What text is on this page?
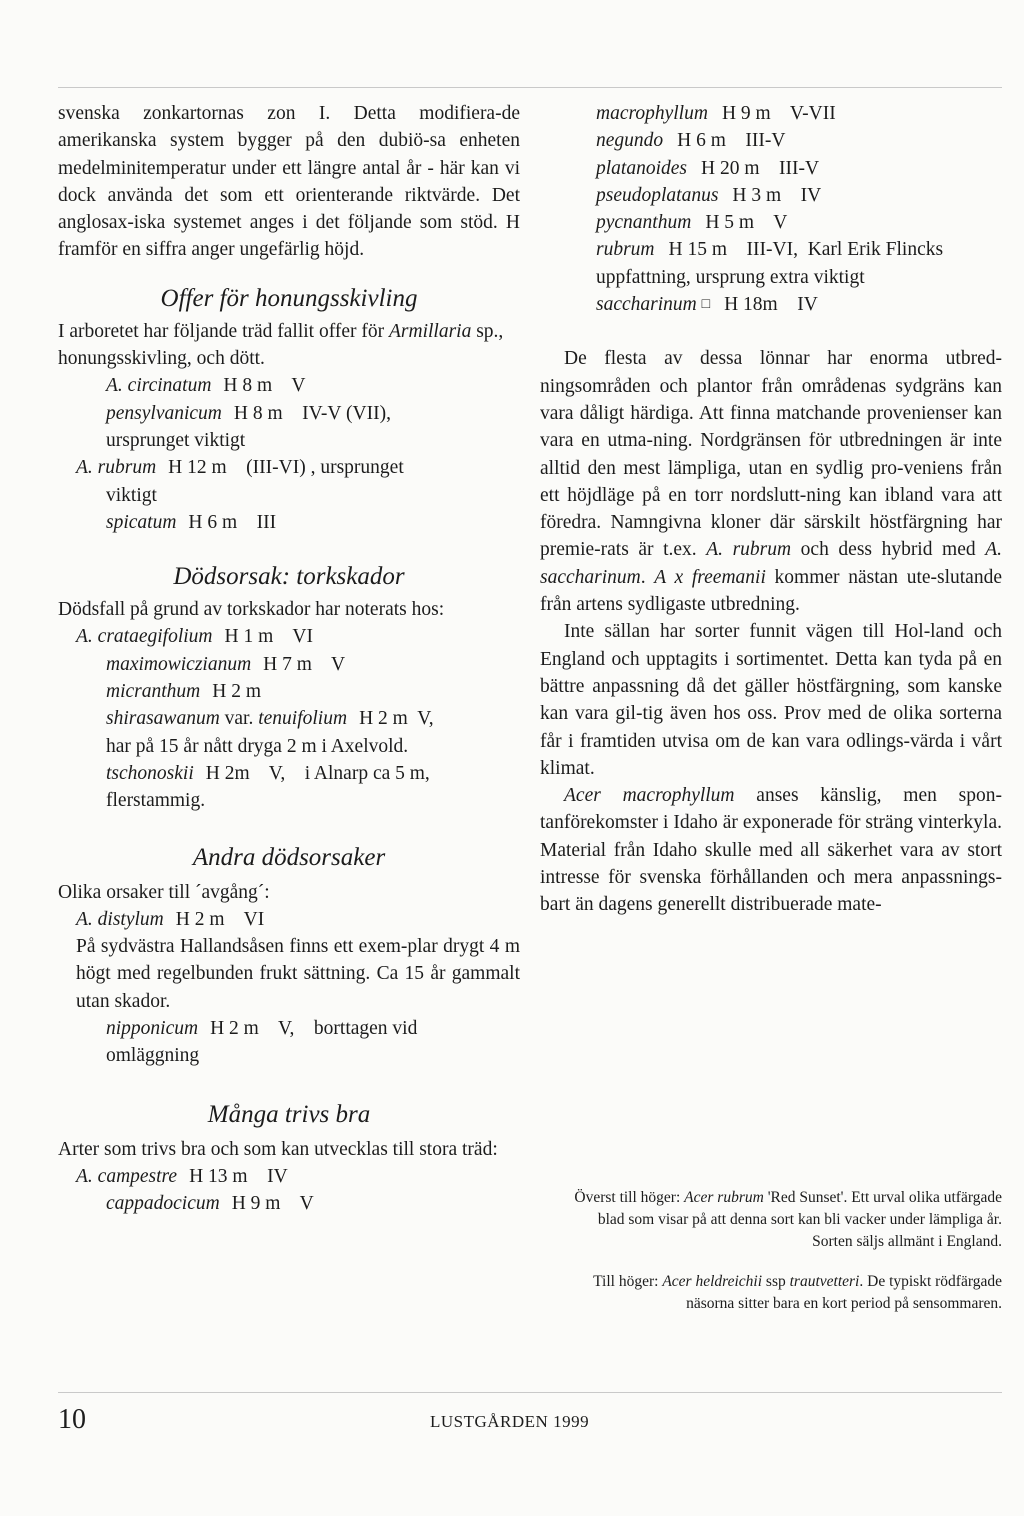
svenska zonkartornas zon I. Detta modifiera-de amerikanska system bygger på den dubiö-sa enheten medelminitemperatur under ett längre antal år - här kan vi dock använda det som ett orienterande riktvärde. Det anglosax-iska systemet anges i det följande som stöd. H framför en siffra anger ungefärlig höjd.

Offer för honungsskivling

I arboretet har följande träd fallit offer för Armillaria sp., honungsskivling, och dött.

A. circinatum H 8 m    V

pensylvanicum H 8 m    IV-V (VII),

ursprunget viktigt

A. rubrum H 12 m    (III-VI) , ursprunget

viktigt

spicatum H 6 m    III

Dödsorsak: torkskador

Dödsfall på grund av torkskador har noterats hos:

A. crataegifolium H 1 m    VI

maximowiczianum H 7 m    V

micranthum H 2 m

shirasawanum var. tenuifolium H 2 m  V,

har på 15 år nått dryga 2 m i Axelvold.

tschonoskii H 2m    V,    i Alnarp ca 5 m,

flerstammig.

Andra dödsorsaker

Olika orsaker till ´avgång´:

A. distylum H 2 m    VI

På sydvästra Hallandsåsen finns ett exem-plar drygt 4 m högt med regelbunden frukt sättning. Ca 15 år gammalt utan skador.

nipponicum H 2 m    V,    borttagen vid

omläggning

Många trivs bra

Arter som trivs bra och som kan utvecklas till stora träd:

A. campestre H 13 m    IV

cappadocicum H 9 m    V

macrophyllum H 9 m    V-VII

negundo H 6 m    III-V

platanoides H 20 m    III-V

pseudoplatanus H 3 m    IV

pycnanthum H 5 m    V

rubrum H 15 m    III-VI,  Karl Erik Flincks

uppfattning, ursprung extra viktigt

saccharinum □ H 18m    IV

De flesta av dessa lönnar har enorma utbred-ningsområden och plantor från områdenas sydgräns kan vara dåligt härdiga. Att finna matchande provenienser kan vara en utma-ning. Nordgränsen för utbredningen är inte alltid den mest lämpliga, utan en sydlig pro-veniens från ett höjdläge på en torr nordslutt-ning kan ibland vara att föredra. Namngivna kloner där särskilt höstfärgning har premie-rats är t.ex. A. rubrum och dess hybrid med A. saccharinum. A x freemanii kommer nästan ute-slutande från artens sydligaste utbredning.

Inte sällan har sorter funnit vägen till Hol-land och England och upptagits i sortimentet. Detta kan tyda på en bättre anpassning då det gäller höstfärgning, som kanske kan vara gil-tig även hos oss. Prov med de olika sorterna får i framtiden utvisa om de kan vara odlings-värda i vårt klimat.

Acer macrophyllum anses känslig, men spon-tanförekomster i Idaho är exponerade för sträng vinterkyla. Material från Idaho skulle med all säkerhet vara av stort intresse för svenska förhållanden och mera anpassnings-bart än dagens generellt distribuerade mate-

Överst till höger: Acer rubrum 'Red Sunset'. Ett urval olika utfärgade blad som visar på att denna sort kan bli vacker under lämpliga år. Sorten säljs allmänt i England.

Till höger: Acer heldreichii ssp trautvetteri. De typiskt rödfärgade näsorna sitter bara en kort period på sensommaren.

10	LUSTGÅRDEN 1999
